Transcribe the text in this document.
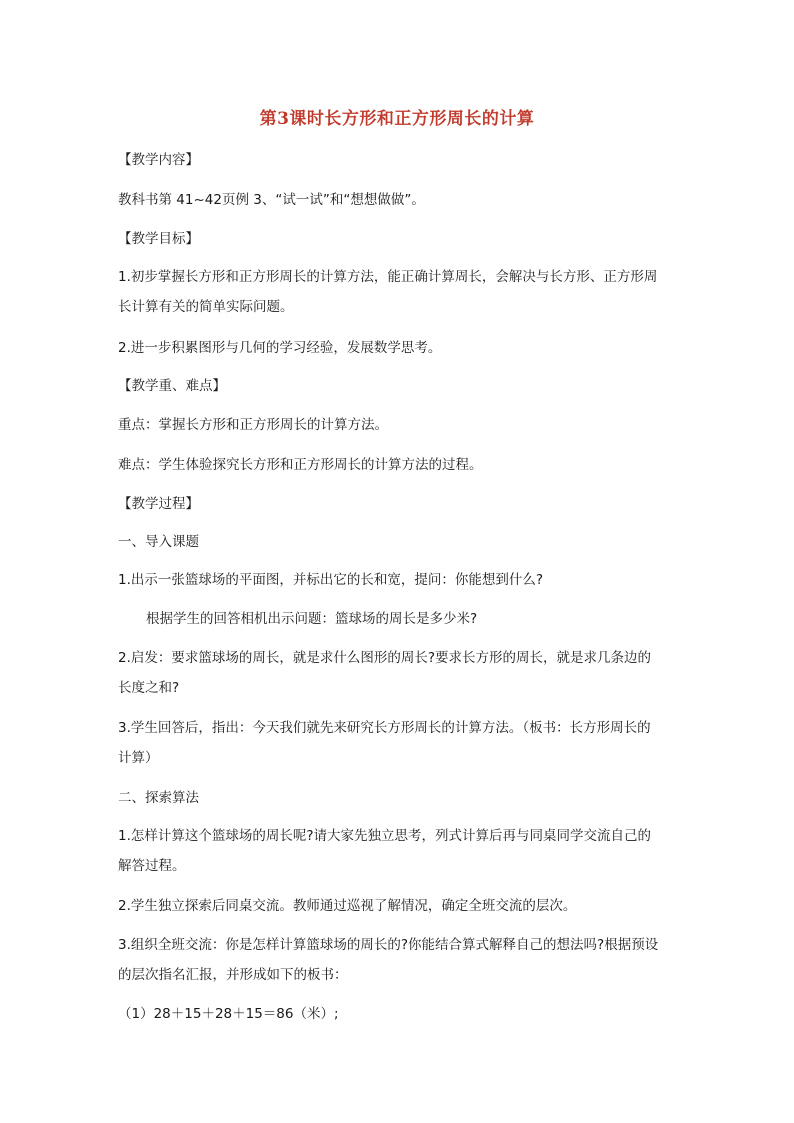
第3课时长方形和正方形周长的计算
【教学内容】
教科书第 41~42页例 3、“试一试”和“想想做做”。
【教学目标】
1.初步掌握长方形和正方形周长的计算方法，能正确计算周长，会解决与长方形、正方形周
长计算有关的简单实际问题。
2.进一步积累图形与几何的学习经验，发展数学思考。
【教学重、难点】
重点：掌握长方形和正方形周长的计算方法。
难点：学生体验探究长方形和正方形周长的计算方法的过程。
【教学过程】
一、导入课题
1.出示一张篮球场的平面图，并标出它的长和宽，提问：你能想到什么?
根据学生的回答相机出示问题：篮球场的周长是多少米?
2.启发：要求篮球场的周长，就是求什么图形的周长?要求长方形的周长，就是求几条边的
长度之和?
3.学生回答后，指出：今天我们就先来研究长方形周长的计算方法。（板书：长方形周长的
计算）
二、探索算法
1.怎样计算这个篮球场的周长呢?请大家先独立思考，列式计算后再与同桌同学交流自己的
解答过程。
2.学生独立探索后同桌交流。教师通过巡视了解情况，确定全班交流的层次。
3.组织全班交流：你是怎样计算篮球场的周长的?你能结合算式解释自己的想法吗?根据预设
的层次指名汇报，并形成如下的板书：
（1）28＋15＋28＋15＝86（米）;
